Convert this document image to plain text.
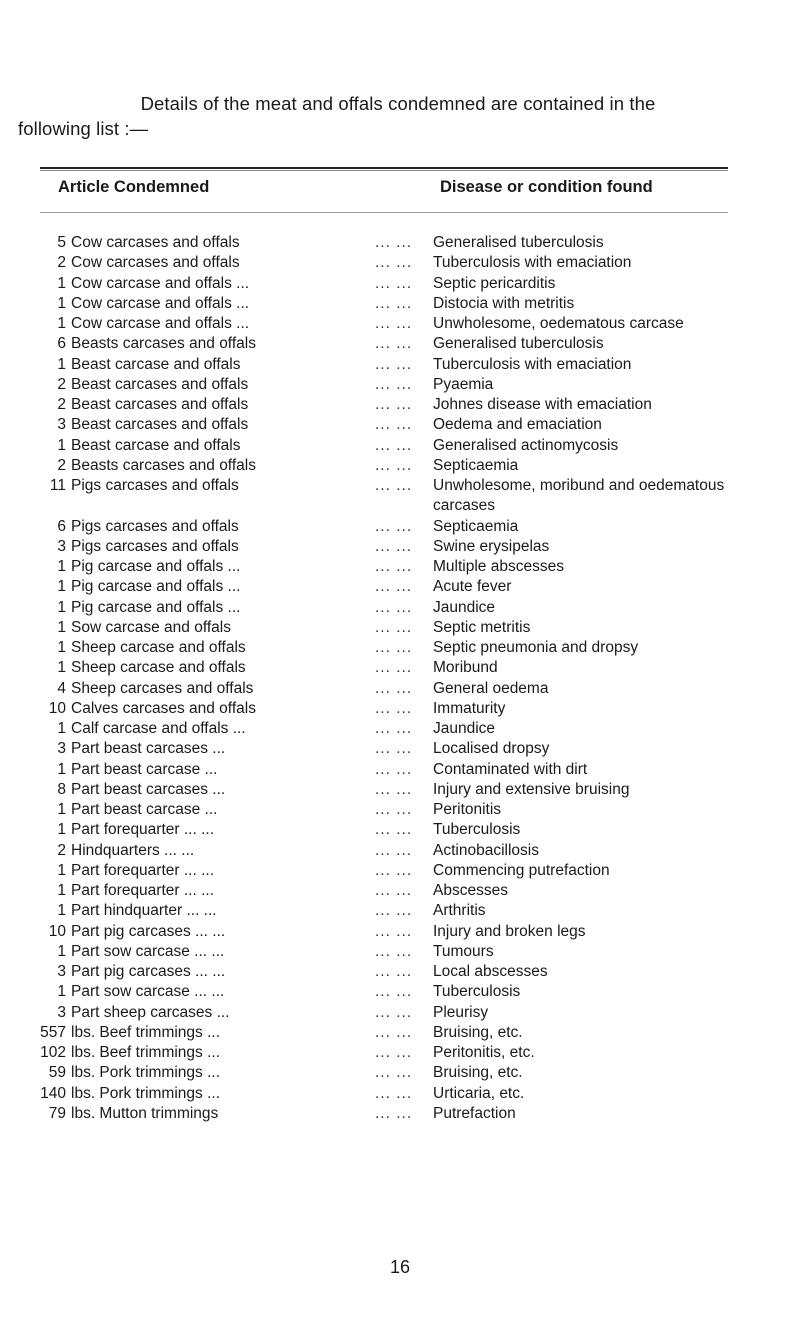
Details of the meat and offals condemned are contained in the
following list :—
Article Condemned	Disease or condition found
5 Cow carcases and offals	... ... Generalised tuberculosis
2 Cow carcases and offals	... ... Tuberculosis with emaciation
1 Cow carcase and offals ...	... ... Septic pericarditis
1 Cow carcase and offals ...	... ... Distocia with metritis
1 Cow carcase and offals ...	... ... Unwholesome, oedematous carcase
6 Beasts carcases and offals	... ... Generalised tuberculosis
1 Beast carcase and offals	... ... Tuberculosis with emaciation
2 Beast carcases and offals	... ... Pyaemia
2 Beast carcases and offals	... ... Johnes disease with emaciation
3 Beast carcases and offals	... ... Oedema and emaciation
1 Beast carcase and offals	... ... Generalised actinomycosis
2 Beasts carcases and offals	... ... Septicaemia
11 Pigs carcases and offals	... ... Unwholesome, moribund and oedematous carcases
6 Pigs carcases and offals	... ... Septicaemia
3 Pigs carcases and offals	... ... Swine erysipelas
1 Pig carcase and offals ...	... ... Multiple abscesses
1 Pig carcase and offals ...	... ... Acute fever
1 Pig carcase and offals ...	... ... Jaundice
1 Sow carcase and offals	... ... Septic metritis
1 Sheep carcase and offals	... ... Septic pneumonia and dropsy
1 Sheep carcase and offals	... ... Moribund
4 Sheep carcases and offals	... ... General oedema
10 Calves carcases and offals	... ... Immaturity
1 Calf carcase and offals ...	... ... Jaundice
3 Part beast carcases ...	... ... Localised dropsy
1 Part beast carcase ...	... ... Contaminated with dirt
8 Part beast carcases ...	... ... Injury and extensive bruising
1 Part beast carcase ...	... ... Peritonitis
1 Part forequarter ... ...	... ... Tuberculosis
2 Hindquarters ... ...	... ... Actinobacillosis
1 Part forequarter ... ...	... ... Commencing putrefaction
1 Part forequarter ... ...	... ... Abscesses
1 Part hindquarter ... ...	... ... Arthritis
10 Part pig carcases ... ...	... ... Injury and broken legs
1 Part sow carcase ... ...	... ... Tumours
3 Part pig carcases ... ...	... ... Local abscesses
1 Part sow carcase ... ...	... ... Tuberculosis
3 Part sheep carcases ...	... ... Pleurisy
557 lbs. Beef trimmings ...	... ... Bruising, etc.
102 lbs. Beef trimmings ...	... ... Peritonitis, etc.
59 lbs. Pork trimmings ...	... ... Bruising, etc.
140 lbs. Pork trimmings ...	... ... Urticaria, etc.
79 lbs. Mutton trimmings	... ... Putrefaction
16
